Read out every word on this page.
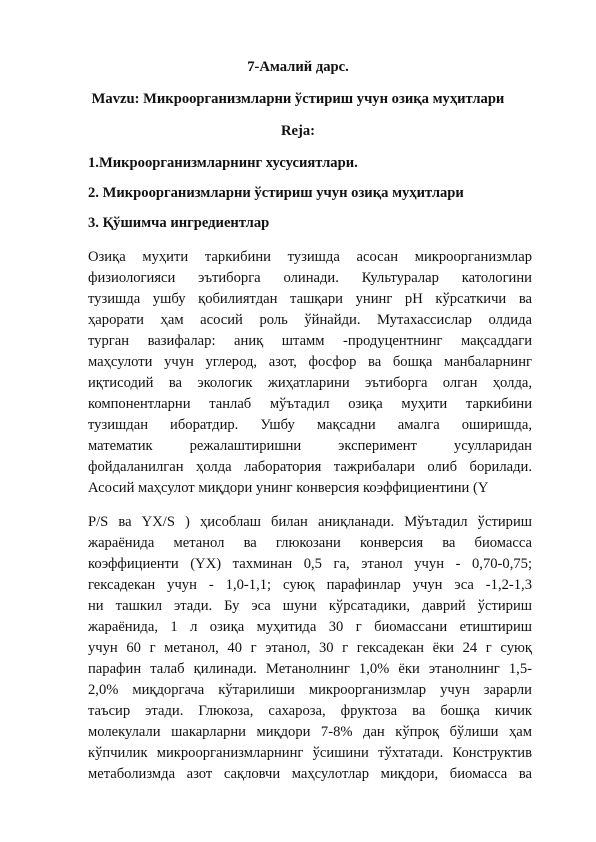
7-Амалий дарс.
Mavzu: Микроорганизмларни ўстириш учун озиқа муҳитлари
Reja:
1.Микроорганизмларнинг хусусиятлари.
2. Микроорганизмларни ўстириш учун озиқа муҳитлари
3. Қўшимча ингредиентлар
Озиқа муҳити таркибини тузишда асосан микроорганизмлар
физиологияси эътиборга олинади. Культуралар катологини
тузишда ушбу қобилиятдан ташқари унинг рН кўрсаткичи ва
ҳарорати ҳам асосий роль ўйнайди. Мутахассислар олдида
турган вазифалар: аниқ штамм -продуцентнинг мақсаддаги
маҳсулоти учун углерод, азот, фосфор ва бошқа манбаларнинг
иқтисодий ва экологик жиҳатларини эътиборга олган ҳолда,
компонентларни танлаб мўътадил озиқа муҳити таркибини
тузишдан иборатдир. Ушбу мақсадни амалга оширишда,
математик режалаштиришни эксперимент усулларидан
фойдаланилган ҳолда лаборатория тажрибалари олиб борилади.
Асосий маҳсулот миқдори унинг конверсия коэффициентини (Y
P/S ва YX/S ) ҳисоблаш билан аниқланади. Мўътадил ўстириш
жараёнида метанол ва глюкозани конверсия ва биомасса
коэффициенти (YX) тахминан 0,5 га, этанол учун - 0,70-0,75;
гексадекан учун - 1,0-1,1; суюқ парафинлар учун эса -1,2-1,3
ни ташкил этади. Бу эса шуни кўрсатадики, даврий ўстириш
жараёнида, 1 л озиқа муҳитида 30 г биомассани етиштириш
учун 60 г метанол, 40 г этанол, 30 г гексадекан ёки 24 г суюқ
парафин талаб қилинади. Метанолнинг 1,0% ёки этанолнинг 1,5-
2,0% миқдоргача кўтарилиши микроорганизмлар учун зарарли
таъсир этади. Глюкоза, сахароза, фруктоза ва бошқа кичик
молекулали шакарларни миқдори 7-8% дан кўпроқ бўлиши ҳам
кўпчилик микроорганизмларнинг ўсишини тўхтатади. Конструктив
метаболизмда азот сақловчи маҳсулотлар миқдори, биомасса ва
